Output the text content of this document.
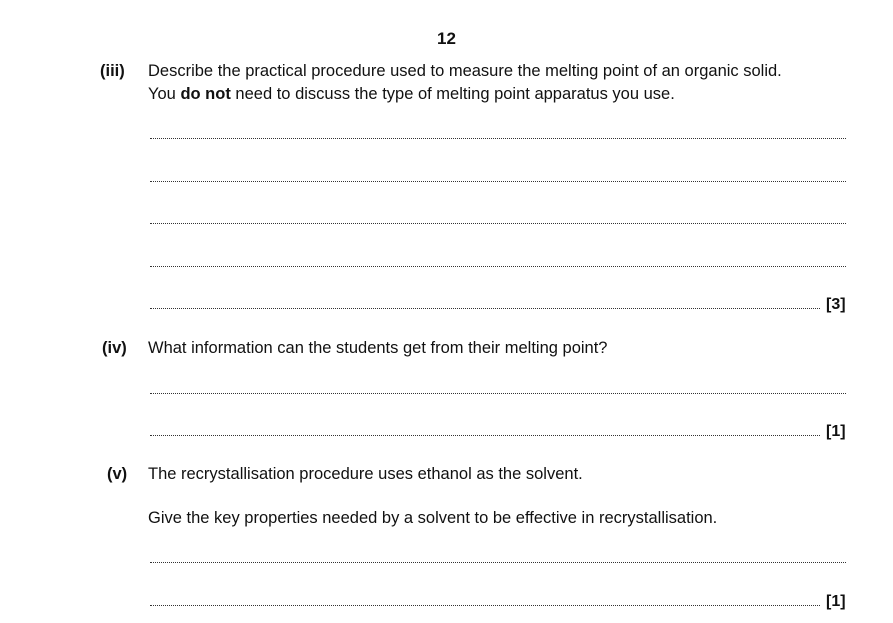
12
(iii) Describe the practical procedure used to measure the melting point of an organic solid.
You do not need to discuss the type of melting point apparatus you use.
[3]
(iv) What information can the students get from their melting point?
[1]
(v) The recrystallisation procedure uses ethanol as the solvent.
Give the key properties needed by a solvent to be effective in recrystallisation.
[1]
